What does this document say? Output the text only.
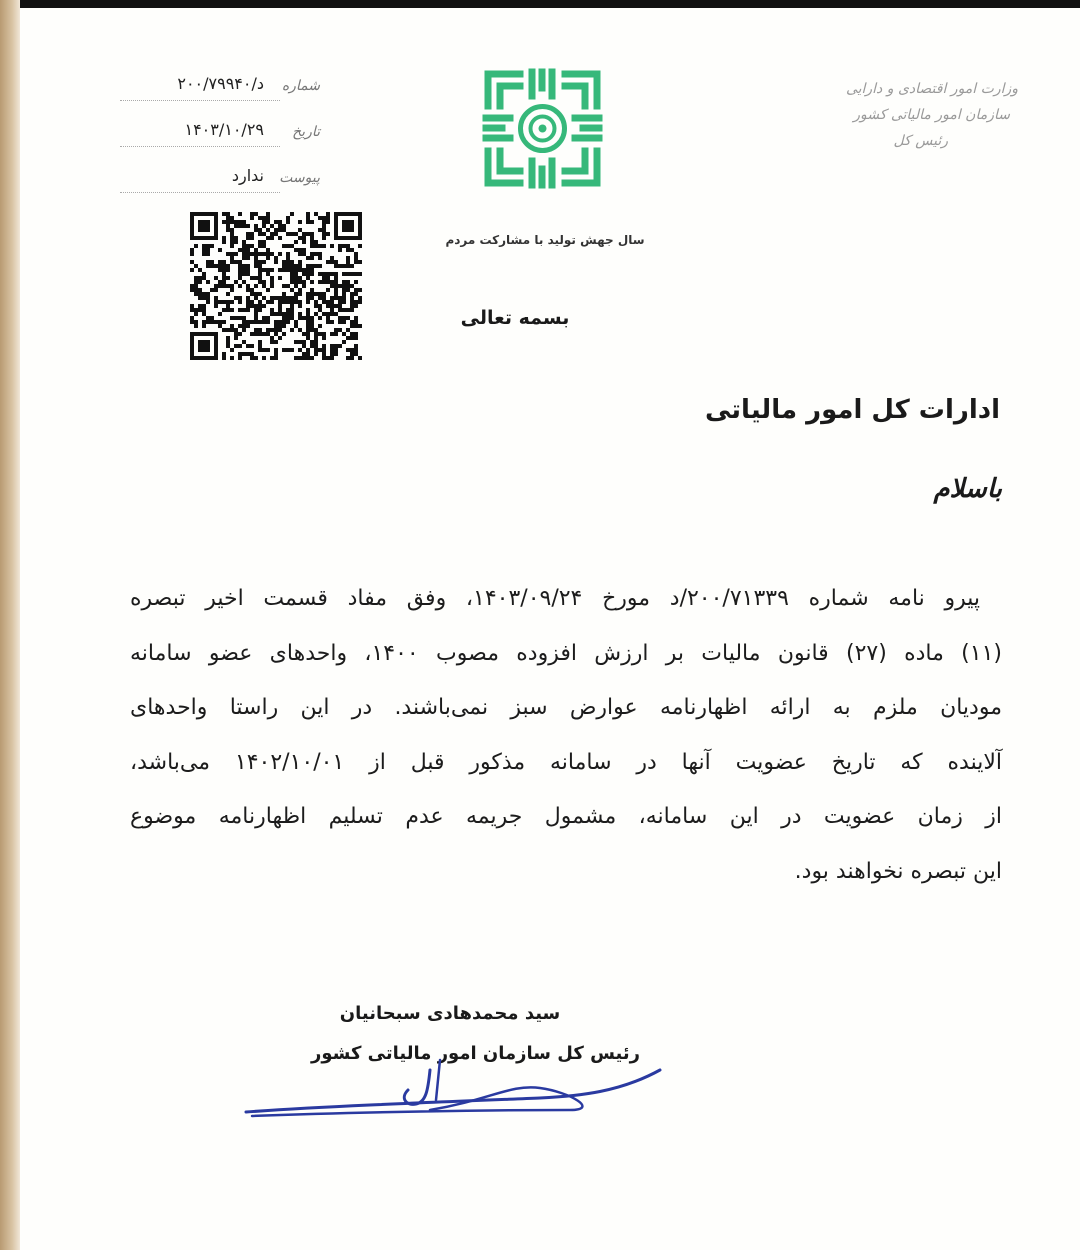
وزارت امور اقتصادی و دارایی
سازمان امور مالیاتی کشور
رئیس کل
شماره
د/۲۰۰/۷۹۹۴۰
تاریخ
۱۴۰۳/۱۰/۲۹
پیوست
ندارد
سال جهش تولید با مشارکت مردم
بسمه تعالی
ادارات کل امور مالیاتی
باسلام
پیرو نامه شماره ۲۰۰/۷۱۳۳۹/د مورخ ۱۴۰۳/۰۹/۲۴، وفق مفاد قسمت اخیر تبصره
(۱۱) ماده (۲۷) قانون مالیات بر ارزش افزوده مصوب ۱۴۰۰، واحدهای عضو سامانه
مودیان ملزم به ارائه اظهارنامه عوارض سبز نمی‌باشند. در این راستا واحدهای
آلاینده که تاریخ عضویت آنها در سامانه مذکور قبل از ۱۴۰۲/۱۰/۰۱ می‌باشد،
از زمان عضویت در این سامانه، مشمول جریمه عدم تسلیم اظهارنامه موضوع
این تبصره نخواهند بود.
سید محمدهادی سبحانیان
رئیس کل سازمان امور مالیاتی کشور
